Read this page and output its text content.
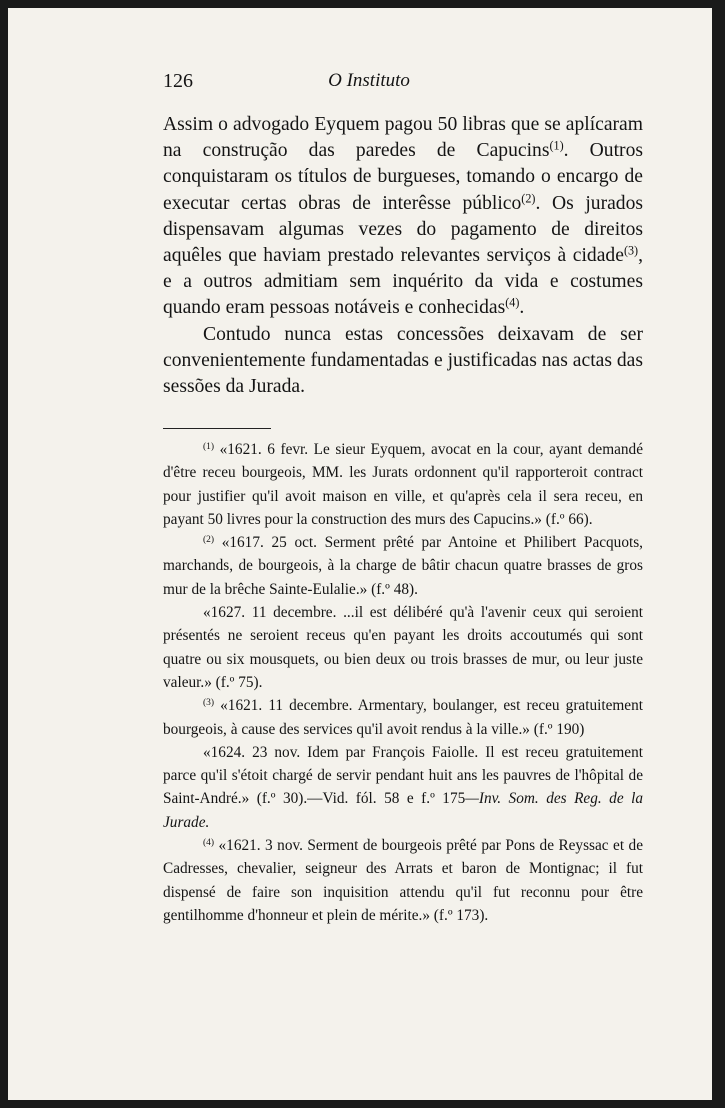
126	O Instituto

Assim o advogado Eyquem pagou 50 libras que se aplícaram na construção das paredes de Capucins$^{(1)}$. Outros conquistaram os títulos de burgueses, tomando o encargo de executar certas obras de interêsse público$^{(2)}$. Os jurados dispensavam algumas vezes do pagamento de direitos aquêles que haviam prestado relevantes serviços à cidade$^{(3)}$, e a outros admitiam sem inquérito da vida e costumes quando eram pessoas notáveis e conhecidas$^{(4)}$.

Contudo nunca estas concessões deixavam de ser convenientemente fundamentadas e justificadas nas actas das sessões da Jurada.

$^{(1)}$ «1621. 6 fevr. Le sieur Eyquem, avocat en la cour, ayant demandé d'être receu bourgeois, MM. les Jurats ordonnent qu'il rapporteroit contract pour justifier qu'il avoit maison en ville, et qu'après cela il sera receu, en payant 50 livres pour la construction des murs des Capucins.» (f.º 66).

$^{(2)}$ «1617. 25 oct. Serment prêté par Antoine et Philibert Pacquots, marchands, de bourgeois, à la charge de bâtir chacun quatre brasses de gros mur de la brêche Sainte-Eulalie.» (f.º 48).

«1627. 11 decembre. ...il est délibéré qu'à l'avenir ceux qui seroient présentés ne seroient receus qu'en payant les droits accoutumés qui sont quatre ou six mousquets, ou bien deux ou trois brasses de mur, ou leur juste valeur.» (f.º 75).

$^{(3)}$ «1621. 11 decembre. Armentary, boulanger, est receu gratuitement bourgeois, à cause des services qu'il avoit rendus à la ville.» (f.º 190)

«1624. 23 nov. Idem par François Faiolle. Il est receu gratuitement parce qu'il s'étoit chargé de servir pendant huit ans les pauvres de l'hôpital de Saint-André.» (f.º 30).—Vid. fól. 58 e f.º 175—Inv. Som. des Reg. de la Jurade.

$^{(4)}$ «1621. 3 nov. Serment de bourgeois prêté par Pons de Reyssac et de Cadresses, chevalier, seigneur des Arrats et baron de Montignac; il fut dispensé de faire son inquisition attendu qu'il fut reconnu pour être gentilhomme d'honneur et plein de mérite.» (f.º 173).
